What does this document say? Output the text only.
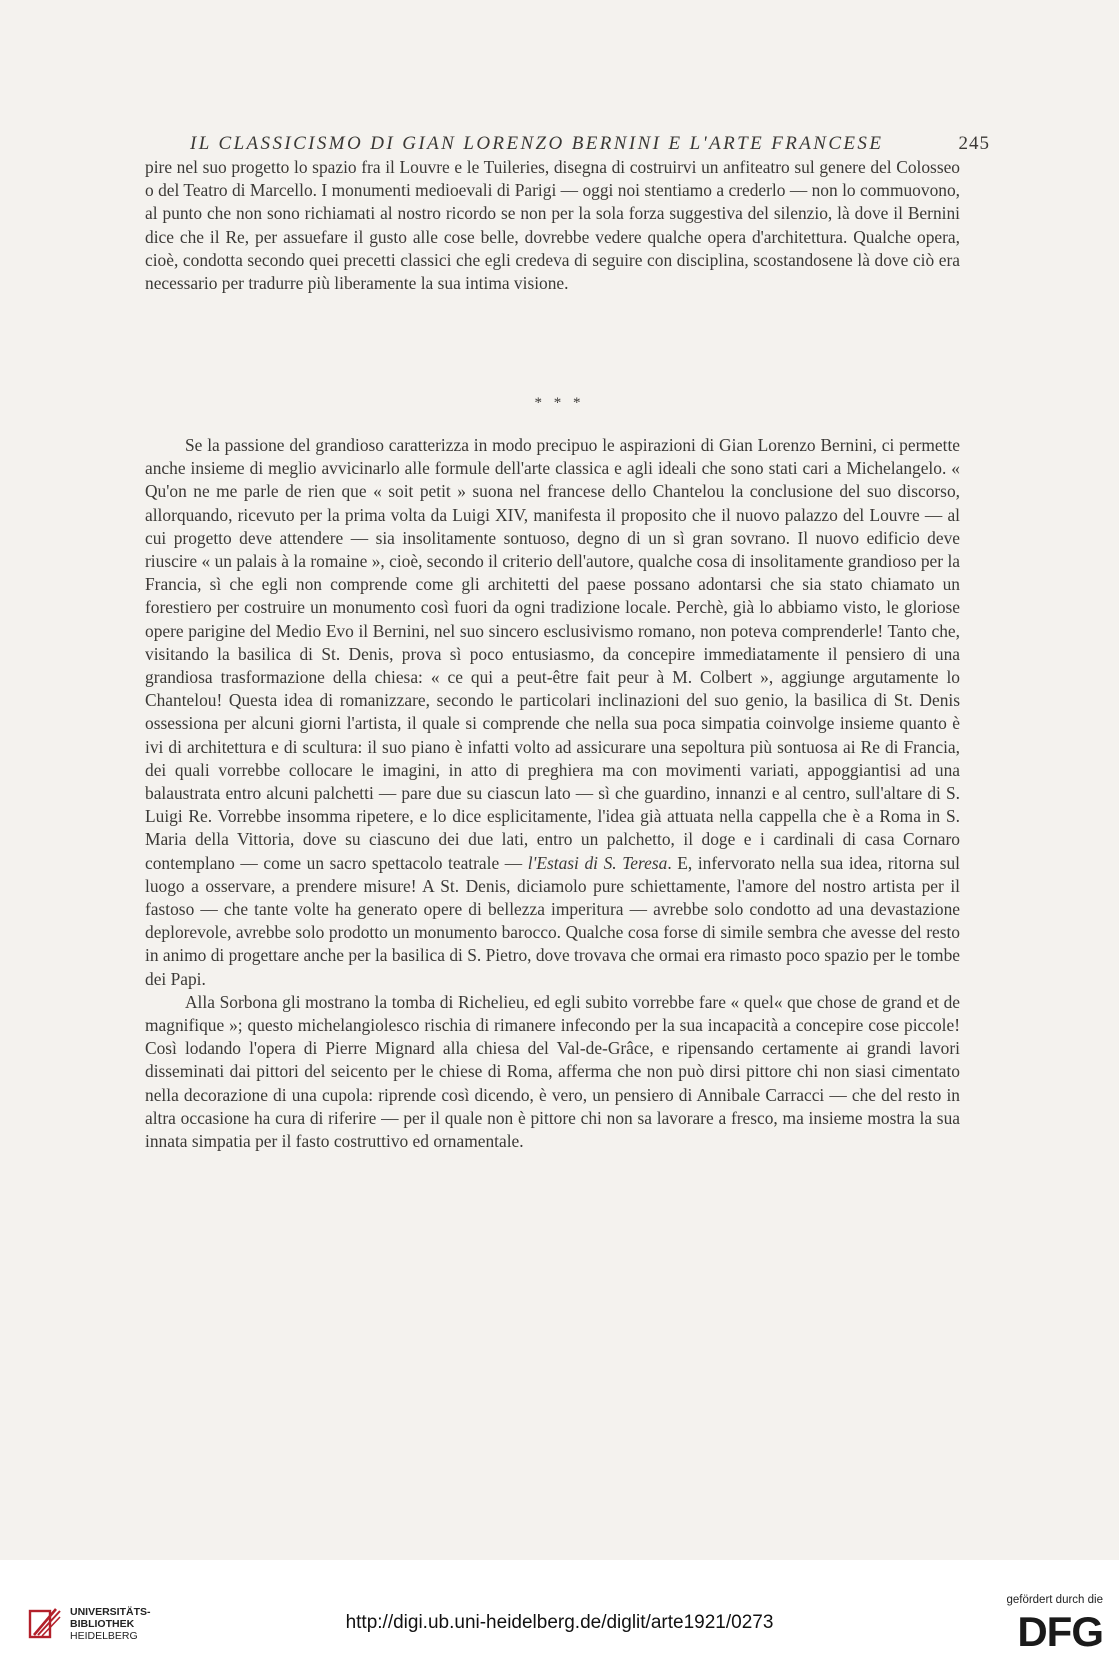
IL CLASSICISMO DI GIAN LORENZO BERNINI E L'ARTE FRANCESE	245

pire nel suo progetto lo spazio fra il Louvre e le Tuileries, disegna di costruirvi un anfiteatro sul genere del Colosseo o del Teatro di Marcello. I monumenti medioevali di Parigi — oggi noi stentiamo a crederlo — non lo commuovono, al punto che non sono richiamati al nostro ricordo se non per la sola forza suggestiva del silenzio, là dove il Bernini dice che il Re, per assuefare il gusto alle cose belle, dovrebbe vedere qualche opera d'architettura. Qualche opera, cioè, condotta secondo quei precetti classici che egli credeva di seguire con disciplina, scostandosene là dove ciò era necessario per tradurre più liberamente la sua intima visione.

* * *

Se la passione del grandioso caratterizza in modo precipuo le aspirazioni di Gian Lorenzo Bernini, ci permette anche insieme di meglio avvicinarlo alle formule dell'arte classica e agli ideali che sono stati cari a Michelangelo. « Qu'on ne me parle de rien que « soit petit » suona nel francese dello Chantelou la conclusione del suo discorso, allorquando, ricevuto per la prima volta da Luigi XIV, manifesta il proposito che il nuovo palazzo del Louvre — al cui progetto deve attendere — sia insolitamente sontuoso, degno di un sì gran sovrano. Il nuovo edificio deve riuscire « un palais à la romaine », cioè, secondo il criterio dell'autore, qualche cosa di insolitamente grandioso per la Francia, sì che egli non comprende come gli architetti del paese possano adontarsi che sia stato chiamato un forestiero per costruire un monumento così fuori da ogni tradizione locale. Perchè, già lo abbiamo visto, le gloriose opere parigine del Medio Evo il Bernini, nel suo sincero esclusivismo romano, non poteva comprenderle! Tanto che, visitando la basilica di St. Denis, prova sì poco entusiasmo, da concepire immediatamente il pensiero di una grandiosa trasformazione della chiesa: « ce qui a peut-être fait peur à M. Colbert », aggiunge argutamente lo Chantelou! Questa idea di romanizzare, secondo le particolari inclinazioni del suo genio, la basilica di St. Denis ossessiona per alcuni giorni l'artista, il quale si comprende che nella sua poca simpatia coinvolge insieme quanto è ivi di architettura e di scultura: il suo piano è infatti volto ad assicurare una sepoltura più sontuosa ai Re di Francia, dei quali vorrebbe collocare le imagini, in atto di preghiera ma con movimenti variati, appoggiantisi ad una balaustrata entro alcuni palchetti — pare due su ciascun lato — sì che guardino, innanzi e al centro, sull'altare di S. Luigi Re. Vorrebbe insomma ripetere, e lo dice esplicitamente, l'idea già attuata nella cappella che è a Roma in S. Maria della Vittoria, dove su ciascuno dei due lati, entro un palchetto, il doge e i cardinali di casa Cornaro contemplano — come un sacro spettacolo teatrale — l'Estasi di S. Teresa. E, infervorato nella sua idea, ritorna sul luogo a osservare, a prendere misure! A St. Denis, diciamolo pure schiettamente, l'amore del nostro artista per il fastoso — che tante volte ha generato opere di bellezza imperitura — avrebbe solo condotto ad una devastazione deplorevole, avrebbe solo prodotto un monumento barocco. Qualche cosa forse di simile sembra che avesse del resto in animo di progettare anche per la basilica di S. Pietro, dove trovava che ormai era rimasto poco spazio per le tombe dei Papi.

Alla Sorbona gli mostrano la tomba di Richelieu, ed egli subito vorrebbe fare « quel« que chose de grand et de magnifique »; questo michelangiolesco rischia di rimanere infecondo per la sua incapacità a concepire cose piccole! Così lodando l'opera di Pierre Mignard alla chiesa del Val-de-Grâce, e ripensando certamente ai grandi lavori disseminati dai pittori del seicento per le chiese di Roma, afferma che non può dirsi pittore chi non siasi cimentato nella decorazione di una cupola: riprende così dicendo, è vero, un pensiero di Annibale Carracci — che del resto in altra occasione ha cura di riferire — per il quale non è pittore chi non sa lavorare a fresco, ma insieme mostra la sua innata simpatia per il fasto costruttivo ed ornamentale.

UNIVERSITÄTS-
BIBLIOTHEK
HEIDELBERG
http://digi.ub.uni-heidelberg.de/diglit/arte1921/0273
gefördert durch die
DFG
